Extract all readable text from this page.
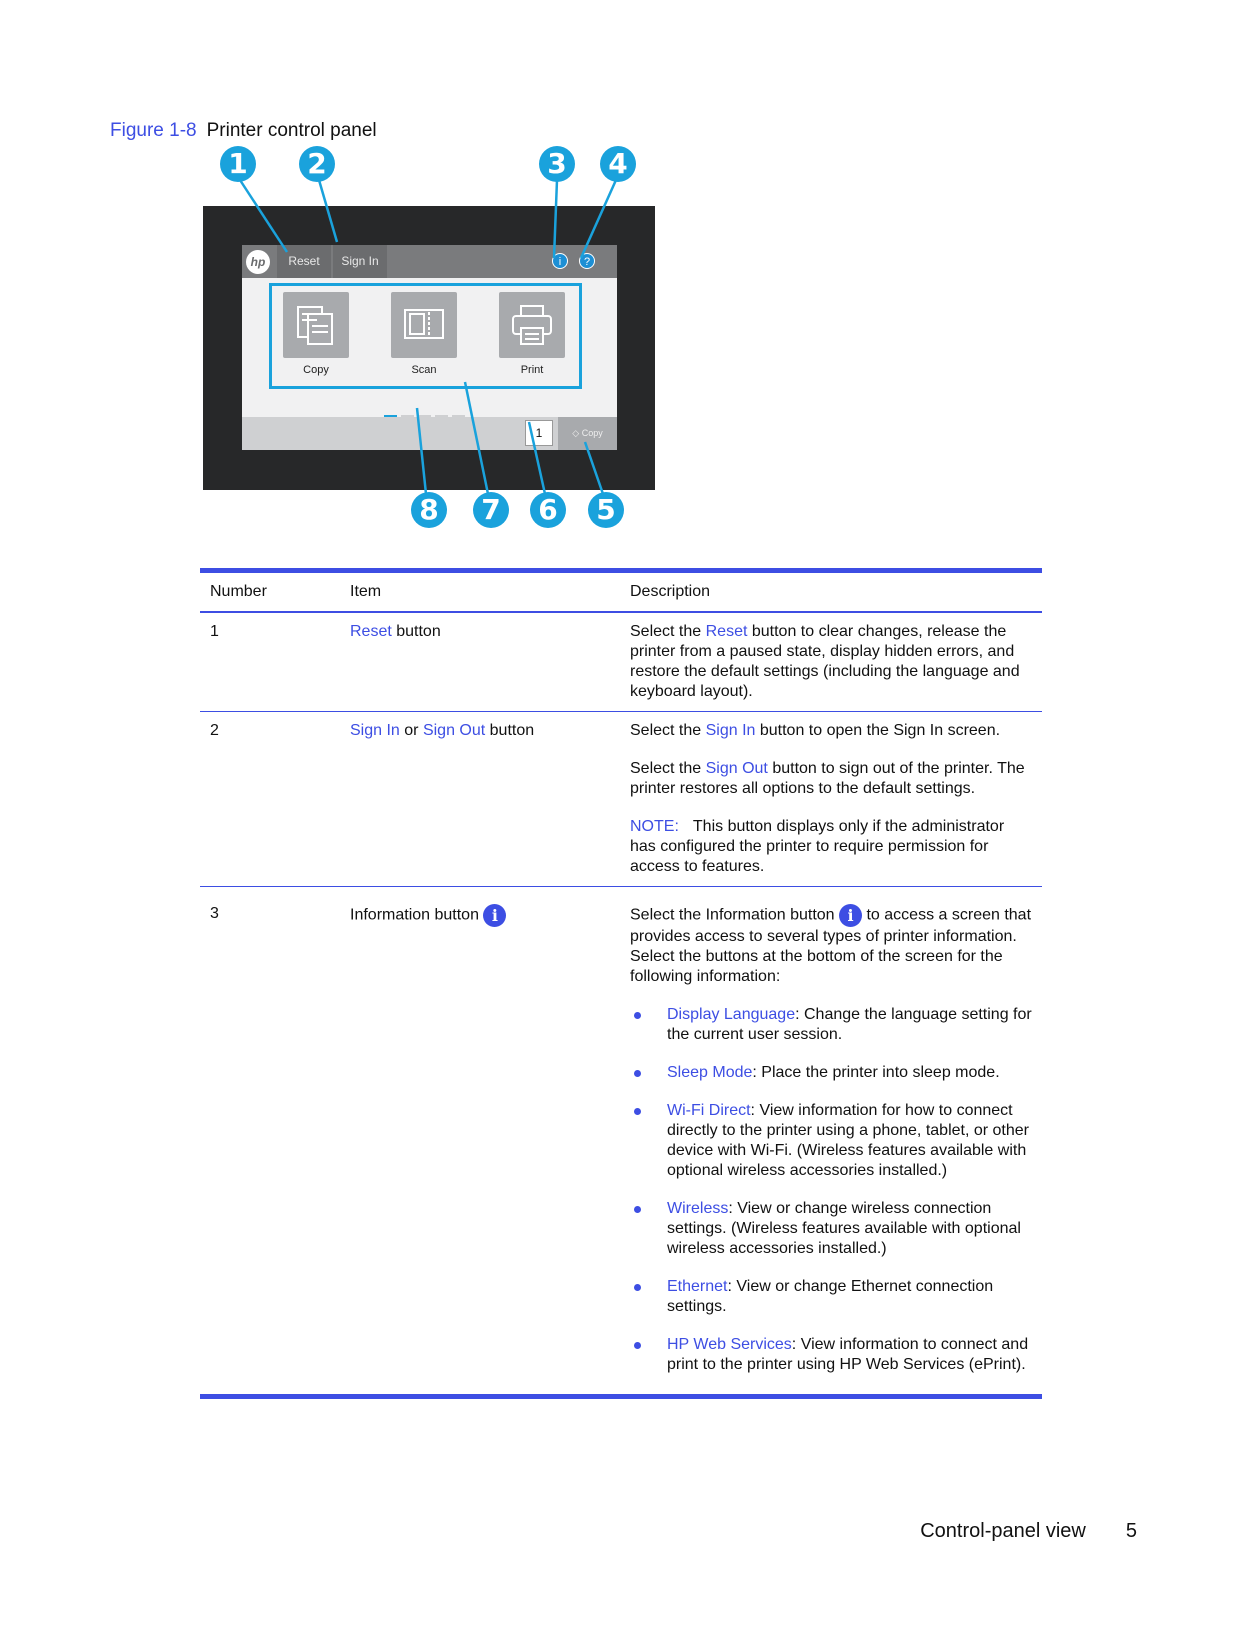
Figure 1-8 Printer control panel
1 2	3 4
hp	Reset	Sign In	i	?
Copy	Scan	Print
1	◇ Copy
8 7 6 5
Number	Item	Description
1	Reset button	Select the Reset button to clear changes, release the printer from a paused state, display hidden errors, and restore the default settings (including the language and keyboard layout).
2	Sign In or Sign Out button	Select the Sign In button to open the Sign In screen.

Select the Sign Out button to sign out of the printer. The printer restores all options to the default settings.

NOTE: This button displays only if the administrator has configured the printer to require permission for access to features.

3	Information button i	Select the Information button i to access a screen that provides access to several types of printer information. Select the buttons at the bottom of the screen for the following information:

Display Language: Change the language setting for the current user session.
Sleep Mode: Place the printer into sleep mode.
Wi-Fi Direct: View information for how to connect directly to the printer using a phone, tablet, or other device with Wi-Fi. (Wireless features available with optional wireless accessories installed.)
Wireless: View or change wireless connection settings. (Wireless features available with optional wireless accessories installed.)
Ethernet: View or change Ethernet connection settings.
HP Web Services: View information to connect and print to the printer using HP Web Services (ePrint).
Control-panel view 5
